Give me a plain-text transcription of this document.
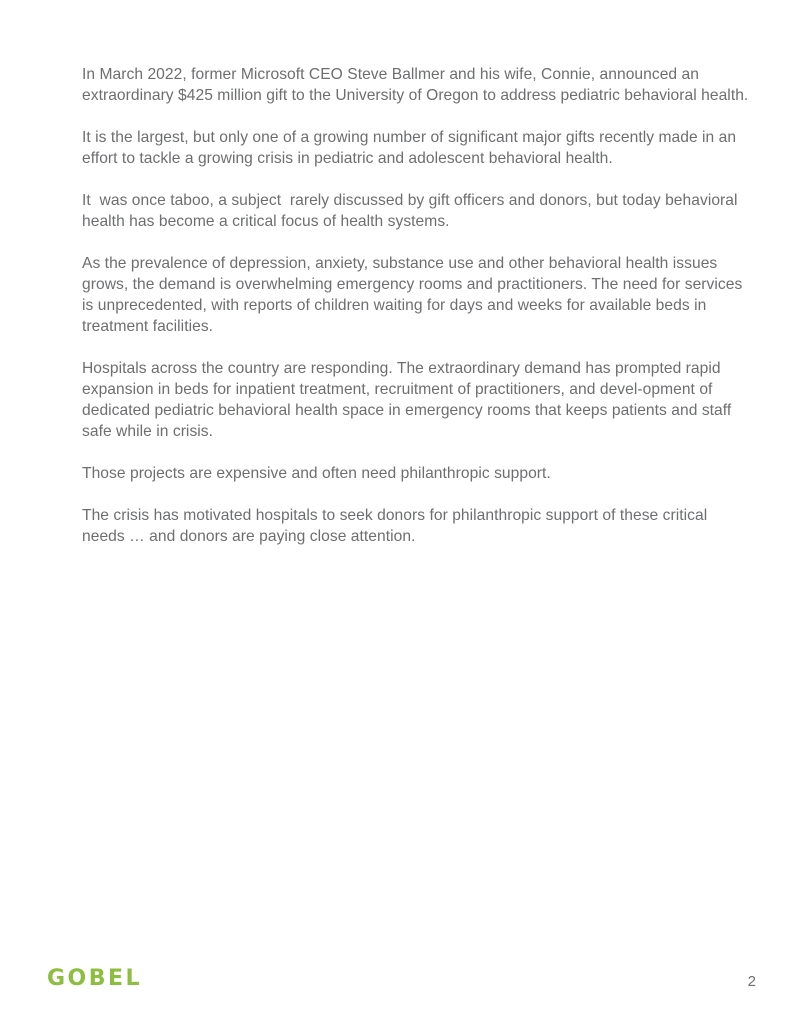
In March 2022, former Microsoft CEO Steve Ballmer and his wife, Connie, announced an extraordinary $425 million gift to the University of Oregon to address pediatric behavioral health.

It is the largest, but only one of a growing number of significant major gifts recently made in an effort to tackle a growing crisis in pediatric and adolescent behavioral health.

It  was once taboo, a subject  rarely discussed by gift officers and donors, but today behavioral health has become a critical focus of health systems.

As the prevalence of depression, anxiety, substance use and other behavioral health issues grows, the demand is overwhelming emergency rooms and practitioners. The need for services is unprecedented, with reports of children waiting for days and weeks for available beds in treatment facilities.

Hospitals across the country are responding. The extraordinary demand has prompted rapid expansion in beds for inpatient treatment, recruitment of practitioners, and devel-opment of dedicated pediatric behavioral health space in emergency rooms that keeps patients and staff safe while in crisis.

Those projects are expensive and often need philanthropic support.

The crisis has motivated hospitals to seek donors for philanthropic support of these critical needs … and donors are paying close attention.

GOBEL	2
